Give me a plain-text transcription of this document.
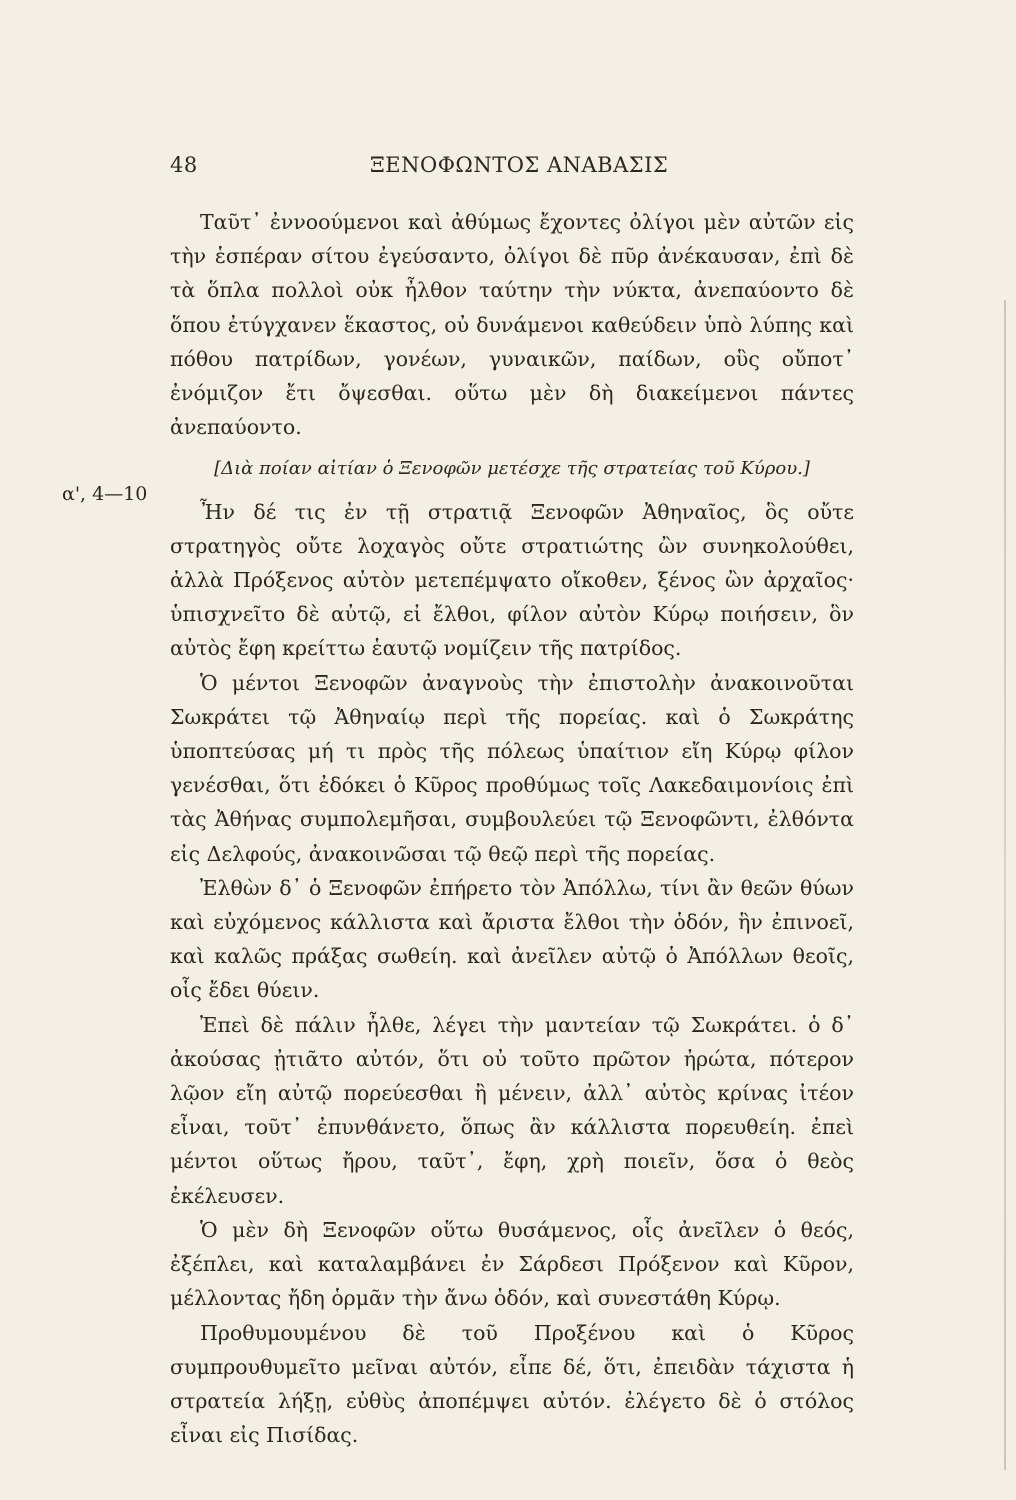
48	ΞΕΝΟΦΩΝΤΟΣ ΑΝΑΒΑΣΙΣ
α', 4—10

Ταῦτ᾽ ἐννοούμενοι καὶ ἀθύμως ἔχοντες ὀλίγοι μὲν αὐτῶν εἰς τὴν ἑσπέραν σίτου ἐγεύσαντο, ὀλίγοι δὲ πῦρ ἀνέκαυσαν, ἐπὶ δὲ τὰ ὅπλα πολλοὶ οὐκ ἦλθον ταύτην τὴν νύκτα, ἀνεπαύοντο δὲ ὅπου ἐτύγχανεν ἕκαστος, οὐ δυνάμενοι καθεύδειν ὑπὸ λύπης καὶ πόθου πατρίδων, γονέων, γυναικῶν, παίδων, οὓς οὔποτ᾽ ἐνόμιζον ἔτι ὄψεσθαι. οὕτω μὲν δὴ διακείμενοι πάντες ἀνεπαύοντο.

[Διὰ ποίαν αἰτίαν ὁ Ξενοφῶν μετέσχε τῆς στρατείας τοῦ Κύρου.]

Ἦν δέ τις ἐν τῇ στρατιᾷ Ξενοφῶν Ἀθηναῖος, ὃς οὔτε στρατηγὸς οὔτε λοχαγὸς οὔτε στρατιώτης ὢν συνηκολούθει, ἀλλὰ Πρόξενος αὐτὸν μετεπέμψατο οἴκοθεν, ξένος ὢν ἀρχαῖος· ὑπισχνεῖτο δὲ αὐτῷ, εἰ ἔλθοι, φίλον αὐτὸν Κύρῳ ποιήσειν, ὃν αὐτὸς ἔφη κρείττω ἑαυτῷ νομίζειν τῆς πατρίδος.

Ὁ μέντοι Ξενοφῶν ἀναγνοὺς τὴν ἐπιστολὴν ἀνακοινοῦται Σωκράτει τῷ Ἀθηναίῳ περὶ τῆς πορείας. καὶ ὁ Σωκράτης ὑποπτεύσας μή τι πρὸς τῆς πόλεως ὑπαίτιον εἴη Κύρῳ φίλον γενέσθαι, ὅτι ἐδόκει ὁ Κῦρος προθύμως τοῖς Λακεδαιμονίοις ἐπὶ τὰς Ἀθήνας συμπολεμῆσαι, συμβουλεύει τῷ Ξενοφῶντι, ἐλθόντα εἰς Δελφούς, ἀνακοινῶσαι τῷ θεῷ περὶ τῆς πορείας.

Ἐλθὼν δ᾽ ὁ Ξενοφῶν ἐπήρετο τὸν Ἀπόλλω, τίνι ἂν θεῶν θύων καὶ εὐχόμενος κάλλιστα καὶ ἄριστα ἔλθοι τὴν ὁδόν, ἣν ἐπινοεῖ, καὶ καλῶς πράξας σωθείη. καὶ ἀνεῖλεν αὐτῷ ὁ Ἀπόλλων θεοῖς, οἷς ἔδει θύειν.

Ἐπεὶ δὲ πάλιν ἦλθε, λέγει τὴν μαντείαν τῷ Σωκράτει. ὁ δ᾽ ἀκούσας ᾐτιᾶτο αὐτόν, ὅτι οὐ τοῦτο πρῶτον ἠρώτα, πότερον λῷον εἴη αὐτῷ πορεύεσθαι ἢ μένειν, ἀλλ᾽ αὐτὸς κρίνας ἰτέον εἶναι, τοῦτ᾽ ἐπυνθάνετο, ὅπως ἂν κάλλιστα πορευθείη. ἐπεὶ μέντοι οὕτως ἤρου, ταῦτ᾽, ἔφη, χρὴ ποιεῖν, ὅσα ὁ θεὸς ἐκέλευσεν.

Ὁ μὲν δὴ Ξενοφῶν οὕτω θυσάμενος, οἷς ἀνεῖλεν ὁ θεός, ἐξέπλει, καὶ καταλαμβάνει ἐν Σάρδεσι Πρόξενον καὶ Κῦρον, μέλλοντας ἤδη ὁρμᾶν τὴν ἄνω ὁδόν, καὶ συνεστάθη Κύρῳ.

Προθυμουμένου δὲ τοῦ Προξένου καὶ ὁ Κῦρος συμπρουθυμεῖτο μεῖναι αὐτόν, εἶπε δέ, ὅτι, ἐπειδὰν τάχιστα ἡ στρατεία λήξῃ, εὐθὺς ἀποπέμψει αὐτόν. ἐλέγετο δὲ ὁ στόλος εἶναι εἰς Πισίδας.
